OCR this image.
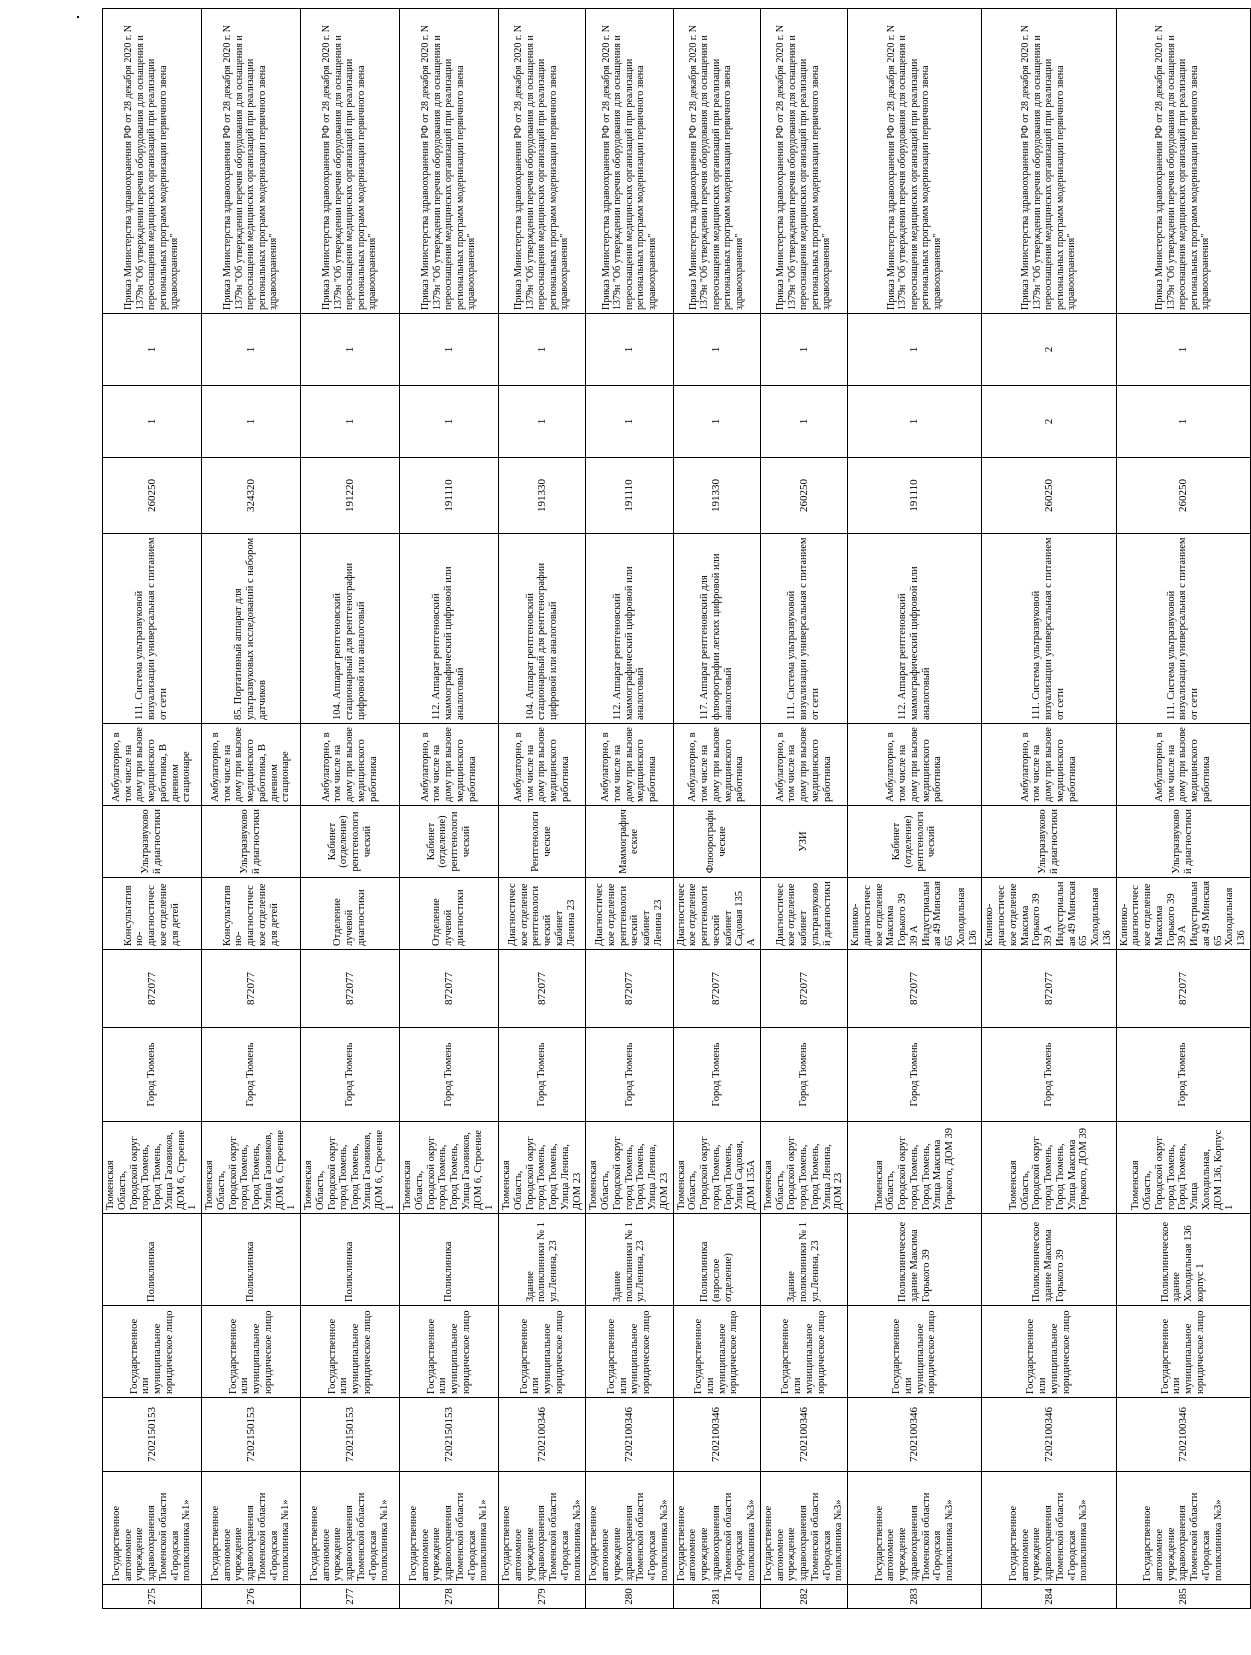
275	Государственное автономное учреждение здравоохранения Тюменской области «Городская поликлиника №1»	7202150153	Государственное или муниципальное юридическое лицо	Поликлиника	Тюменская Область, Городской округ город Тюмень, Город Тюмень, Улица Газовиков, ДОМ 6, Строение 1	Город Тюмень	872077	Консультативно-диагностическое отделение для детей	Ультразвуковой диагностики	Амбулаторно, в том числе на дому при вызове медицинского работника, В дневном стационаре	111. Система ультразвуковой визуализации универсальная с питанием от сети	260250	1	1	Приказ Министерства здравоохранения РФ от 28 декабря 2020 г. N 1379н "Об утверждении перечня оборудования для оснащения и переоснащения медицинских организаций при реализации региональных программ модернизации первичного звена здравоохранения"
276	Государственное автономное учреждение здравоохранения Тюменской области «Городская поликлиника №1»	7202150153	Государственное или муниципальное юридическое лицо	Поликлиника	Тюменская Область, Городской округ город Тюмень, Город Тюмень, Улица Газовиков, ДОМ 6, Строение 1	Город Тюмень	872077	Консультативно-диагностическое отделение для детей	Ультразвуковой диагностики	Амбулаторно, в том числе на дому при вызове медицинского работника, В дневном стационаре	85. Портативный аппарат для ультразвуковых исследований с набором датчиков	324320	1	1	Приказ Министерства здравоохранения РФ от 28 декабря 2020 г. N 1379н "Об утверждении перечня оборудования для оснащения и переоснащения медицинских организаций при реализации региональных программ модернизации первичного звена здравоохранения"
277	Государственное автономное учреждение здравоохранения Тюменской области «Городская поликлиника №1»	7202150153	Государственное или муниципальное юридическое лицо	Поликлиника	Тюменская Область, Городской округ город Тюмень, Город Тюмень, Улица Газовиков, ДОМ 6, Строение 1	Город Тюмень	872077	Отделение лучевой диагностики	Кабинет (отделение) рентгенологический	Амбулаторно, в том числе на дому при вызове медицинского работника	104. Аппарат рентгеновский стационарный для рентгенографии цифровой или аналоговый	191220	1	1	Приказ Министерства здравоохранения РФ от 28 декабря 2020 г. N 1379н "Об утверждении перечня оборудования для оснащения и переоснащения медицинских организаций при реализации региональных программ модернизации первичного звена здравоохранения"
278	Государственное автономное учреждение здравоохранения Тюменской области «Городская поликлиника №1»	7202150153	Государственное или муниципальное юридическое лицо	Поликлиника	Тюменская Область, Городской округ город Тюмень, Город Тюмень, Улица Газовиков, ДОМ 6, Строение 1	Город Тюмень	872077	Отделение лучевой диагностики	Кабинет (отделение) рентгенологический	Амбулаторно, в том числе на дому при вызове медицинского работника	112. Аппарат рентгеновский маммографический цифровой или аналоговый	191110	1	1	Приказ Министерства здравоохранения РФ от 28 декабря 2020 г. N 1379н "Об утверждении перечня оборудования для оснащения и переоснащения медицинских организаций при реализации региональных программ модернизации первичного звена здравоохранения"
279	Государственное автономное учреждение здравоохранения Тюменской области «Городская поликлиника №3»	7202100346	Государственное или муниципальное юридическое лицо	Здание поликлиники № 1 ул.Ленина, 23	Тюменская Область, Городской округ город Тюмень, Город Тюмень, Улица Ленина, ДОМ 23	Город Тюмень	872077	Диагностическое отделение рентгенологический кабинет Ленина 23	Рентгенологические	Амбулаторно, в том числе на дому при вызове медицинского работника	104. Аппарат рентгеновский стационарный для рентгенографии цифровой или аналоговый	191330	1	1	Приказ Министерства здравоохранения РФ от 28 декабря 2020 г. N 1379н "Об утверждении перечня оборудования для оснащения и переоснащения медицинских организаций при реализации региональных программ модернизации первичного звена здравоохранения"
280	Государственное автономное учреждение здравоохранения Тюменской области «Городская поликлиника №3»	7202100346	Государственное или муниципальное юридическое лицо	Здание поликлиники № 1 ул.Ленина, 23	Тюменская Область, Городской округ город Тюмень, Город Тюмень, Улица Ленина, ДОМ 23	Город Тюмень	872077	Диагностическое отделение рентгенологический кабинет Ленина 23	Маммографические	Амбулаторно, в том числе на дому при вызове медицинского работника	112. Аппарат рентгеновский маммографический цифровой или аналоговый	191110	1	1	Приказ Министерства здравоохранения РФ от 28 декабря 2020 г. N 1379н "Об утверждении перечня оборудования для оснащения и переоснащения медицинских организаций при реализации региональных программ модернизации первичного звена здравоохранения"
281	Государственное автономное учреждение здравоохранения Тюменской области «Городская поликлиника №3»	7202100346	Государственное или муниципальное юридическое лицо	Поликлиника (взрослое отделение)	Тюменская Область, Городской округ город Тюмень, Город Тюмень, Улица Садовая, ДОМ 135А	Город Тюмень	872077	Диагностическое отделение рентгенологический кабинет Садовая 135 А	Флюорографические	Амбулаторно, в том числе на дому при вызове медицинского работника	117. Аппарат рентгеновский для флюорографии легких цифровой или аналоговый	191330	1	1	Приказ Министерства здравоохранения РФ от 28 декабря 2020 г. N 1379н "Об утверждении перечня оборудования для оснащения и переоснащения медицинских организаций при реализации региональных программ модернизации первичного звена здравоохранения"
282	Государственное автономное учреждение здравоохранения Тюменской области «Городская поликлиника №3»	7202100346	Государственное или муниципальное юридическое лицо	Здание поликлиники № 1 ул.Ленина, 23	Тюменская Область, Городской округ город Тюмень, Город Тюмень, Улица Ленина, ДОМ 23	Город Тюмень	872077	Диагностическое отделение кабинет ультразвуковой диагностики	УЗИ	Амбулаторно, в том числе на дому при вызове медицинского работника	111. Система ультразвуковой визуализации универсальная с питанием от сети	260250	1	1	Приказ Министерства здравоохранения РФ от 28 декабря 2020 г. N 1379н "Об утверждении перечня оборудования для оснащения и переоснащения медицинских организаций при реализации региональных программ модернизации первичного звена здравоохранения"
283	Государственное автономное учреждение здравоохранения Тюменской области «Городская поликлиника №3»	7202100346	Государственное или муниципальное юридическое лицо	Поликлиническое здание Максима Горького 39	Тюменская Область, Городской округ город Тюмень, Город Тюмень, Улица Максима Горького, ДОМ 39	Город Тюмень	872077	Клинико-диагностическое отделение Максима Горького 39 39 А Индустриальная 49 Минская 65 Холодильная 136	Кабинет (отделение) рентгенологический	Амбулаторно, в том числе на дому при вызове медицинского работника	112. Аппарат рентгеновский маммографический цифровой или аналоговый	191110	1	1	Приказ Министерства здравоохранения РФ от 28 декабря 2020 г. N 1379н "Об утверждении перечня оборудования для оснащения и переоснащения медицинских организаций при реализации региональных программ модернизации первичного звена здравоохранения"
284	Государственное автономное учреждение здравоохранения Тюменской области «Городская поликлиника №3»	7202100346	Государственное или муниципальное юридическое лицо	Поликлиническое здание Максима Горького 39	Тюменская Область, Городской округ город Тюмень, Город Тюмень, Улица Максима Горького, ДОМ 39	Город Тюмень	872077	Клинико-диагностическое отделение Максима Горького 39 39 А Индустриальная 49 Минская 65 Холодильная 136	Ультразвуковой диагностики	Амбулаторно, в том числе на дому при вызове медицинского работника	111. Система ультразвуковой визуализации универсальная с питанием от сети	260250	2	2	Приказ Министерства здравоохранения РФ от 28 декабря 2020 г. N 1379н "Об утверждении перечня оборудования для оснащения и переоснащения медицинских организаций при реализации региональных программ модернизации первичного звена здравоохранения"
285	Государственное автономное учреждение здравоохранения Тюменской области «Городская поликлиника №3»	7202100346	Государственное или муниципальное юридическое лицо	Поликлиническое здание Холодильная 136 корпус 1	Тюменская Область, Городской округ город Тюмень, Город Тюмень, Улица Холодильная, ДОМ 136, Корпус 1	Город Тюмень	872077	Клинико-диагностическое отделение Максима Горького 39 39 А Индустриальная 49 Минская 65 Холодильная 136	Ультразвуковой диагностики	Амбулаторно, в том числе на дому при вызове медицинского работника	111. Система ультразвуковой визуализации универсальная с питанием от сети	260250	1	1	Приказ Министерства здравоохранения РФ от 28 декабря 2020 г. N 1379н "Об утверждении перечня оборудования для оснащения и переоснащения медицинских организаций при реализации региональных программ модернизации первичного звена здравоохранения"
